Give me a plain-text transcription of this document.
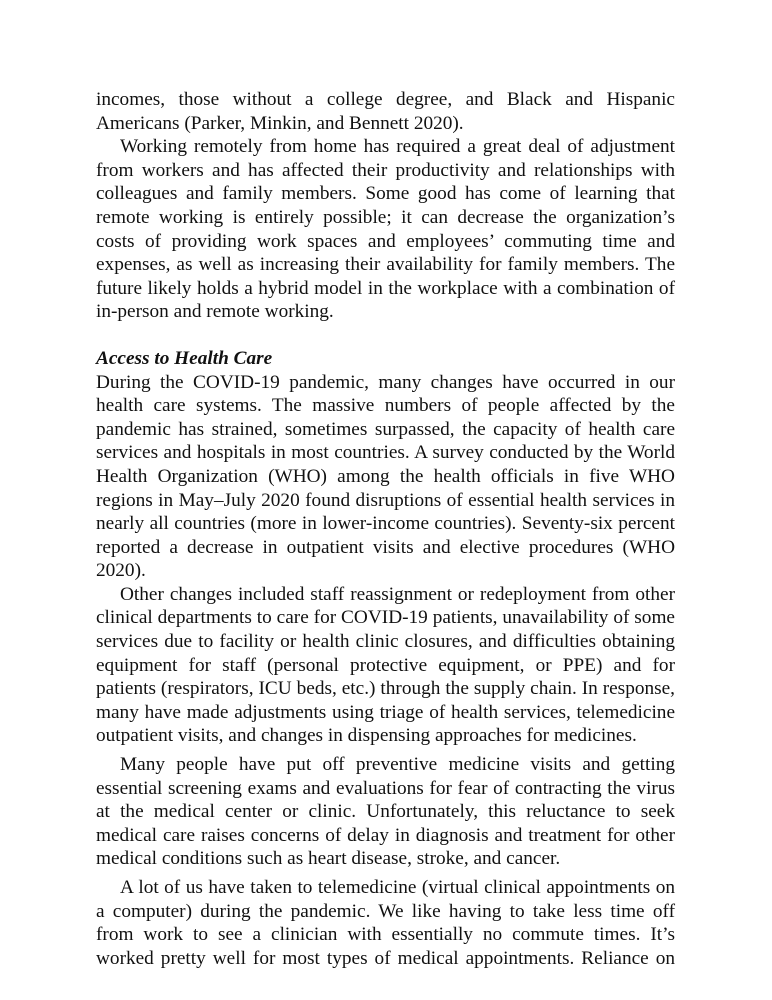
incomes, those without a college degree, and Black and Hispanic Americans (Parker, Minkin, and Bennett 2020).

Working remotely from home has required a great deal of adjustment from workers and has affected their productivity and relationships with colleagues and family members. Some good has come of learning that remote working is entirely possible; it can decrease the organization’s costs of providing work spaces and employees’ commuting time and expenses, as well as increasing their availability for family members. The future likely holds a hybrid model in the workplace with a combination of in-person and remote working.

Access to Health Care

During the COVID-19 pandemic, many changes have occurred in our health care systems. The massive numbers of people affected by the pandemic has strained, sometimes surpassed, the capacity of health care services and hospitals in most countries. A survey conducted by the World Health Organization (WHO) among the health officials in five WHO regions in May–July 2020 found disruptions of essential health services in nearly all countries (more in lower-income countries). Seventy-six percent reported a decrease in outpatient visits and elective procedures (WHO 2020).

Other changes included staff reassignment or redeployment from other clinical departments to care for COVID-19 patients, unavailability of some services due to facility or health clinic closures, and difficulties obtaining equipment for staff (personal protective equipment, or PPE) and for patients (respirators, ICU beds, etc.) through the supply chain. In response, many have made adjustments using triage of health services, telemedicine outpatient visits, and changes in dispensing approaches for medicines.

Many people have put off preventive medicine visits and getting essential screening exams and evaluations for fear of contracting the virus at the medical center or clinic. Unfortunately, this reluctance to seek medical care raises concerns of delay in diagnosis and treatment for other medical conditions such as heart disease, stroke, and cancer.

A lot of us have taken to telemedicine (virtual clinical appointments on a computer) during the pandemic. We like having to take less time off from work to see a clinician with essentially no commute times. It’s worked pretty well for most types of medical appointments. Reliance on
